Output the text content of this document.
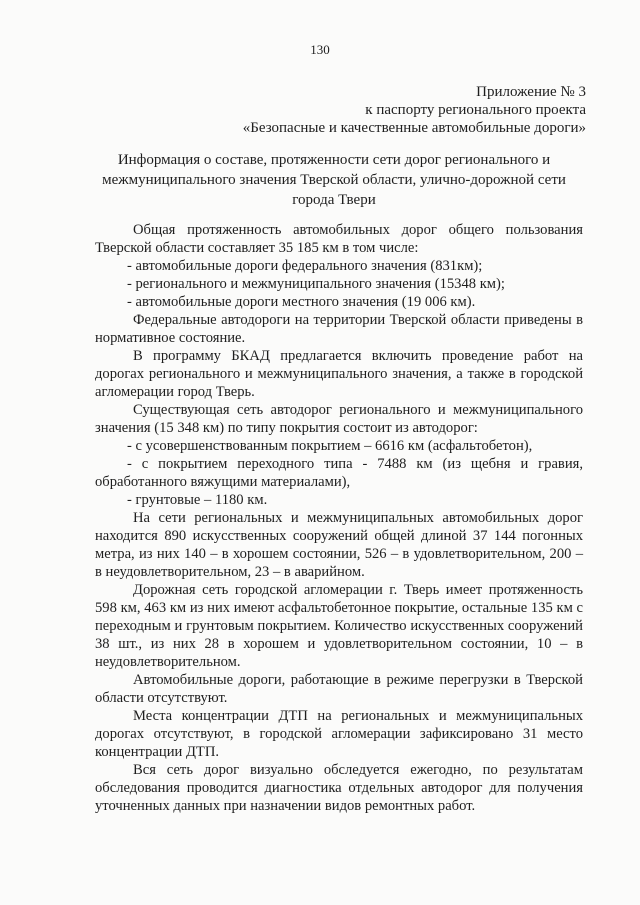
130
Приложение № 3
к паспорту регионального проекта
«Безопасные и качественные автомобильные дороги»
Информация о составе, протяженности сети дорог регионального и межмуниципального значения Тверской области, улично-дорожной сети города Твери

Общая протяженность автомобильных дорог общего пользования Тверской области составляет 35 185 км в том числе:

- автомобильные дороги федерального значения (831км);

- регионального и межмуниципального значения (15348 км);

- автомобильные дороги местного значения (19 006 км).

Федеральные автодороги на территории Тверской области приведены в нормативное состояние.

В программу БКАД предлагается включить проведение работ на дорогах регионального и межмуниципального значения, а также в городской агломерации город Тверь.

Существующая сеть автодорог регионального и межмуниципального значения (15 348 км) по типу покрытия состоит из автодорог:

- с усовершенствованным покрытием – 6616 км (асфальтобетон),

- с покрытием переходного типа - 7488 км (из щебня и гравия, обработанного вяжущими материалами),

- грунтовые – 1180 км.

На сети региональных и межмуниципальных автомобильных дорог находится 890 искусственных сооружений общей длиной 37 144 погонных метра, из них 140 – в хорошем состоянии, 526 – в удовлетворительном, 200 – в неудовлетворительном, 23 – в аварийном.

Дорожная сеть городской агломерации г. Тверь имеет протяженность 598 км, 463 км из них имеют асфальтобетонное покрытие, остальные 135 км с переходным и грунтовым покрытием. Количество искусственных сооружений 38 шт., из них 28 в хорошем и удовлетворительном состоянии, 10 – в неудовлетворительном.

Автомобильные дороги, работающие в режиме перегрузки в Тверской области отсутствуют.

Места концентрации ДТП на региональных и межмуниципальных дорогах отсутствуют, в городской агломерации зафиксировано 31 место концентрации ДТП.

Вся сеть дорог визуально обследуется ежегодно, по результатам обследования проводится диагностика отдельных автодорог для получения уточненных данных при назначении видов ремонтных работ.
